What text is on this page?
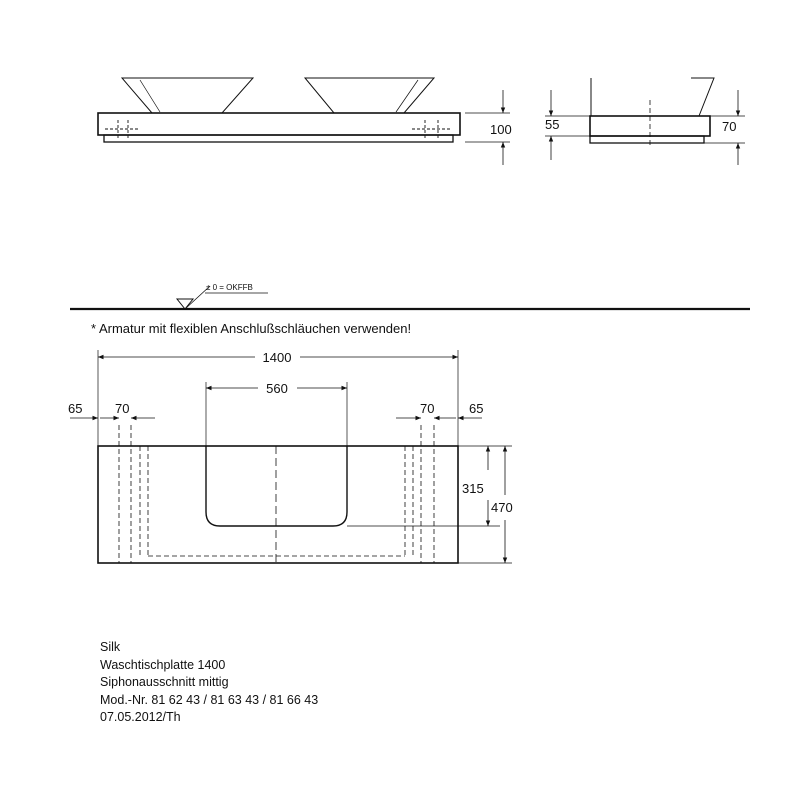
100	55	70
± 0 = OKFFB
* Armatur mit flexiblen Anschlußschläuchen verwenden!
1400
560
65	70	70	65
315
470
Silk
Waschtischplatte 1400
Siphonausschnitt mittig
Mod.-Nr. 81 62 43 / 81 63 43 / 81 66 43
07.05.2012/Th
